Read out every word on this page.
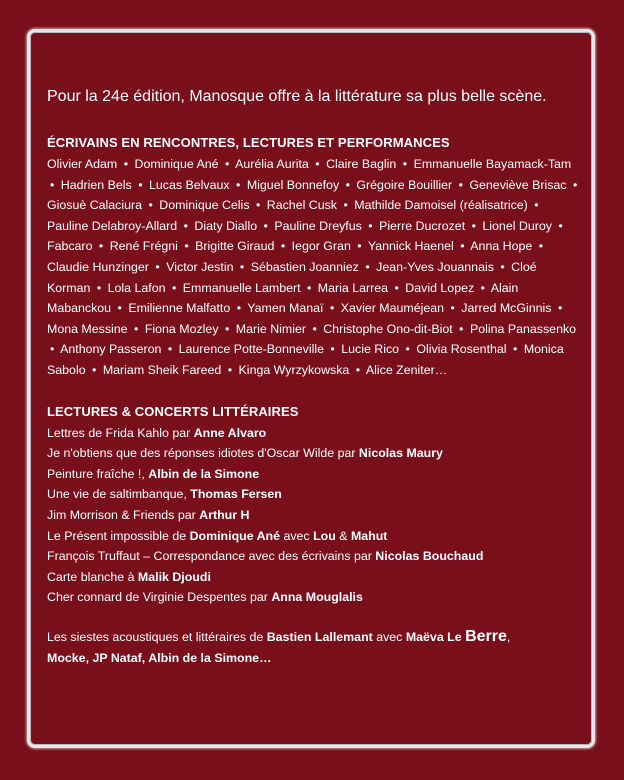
Pour la 24e édition, Manosque offre à la littérature sa plus belle scène.

ÉCRIVAINS EN RENCONTRES, LECTURES ET PERFORMANCES
Olivier Adam • Dominique Ané • Aurélia Aurita • Claire Baglin • Emmanuelle Bayamack-Tam • Hadrien Bels • Lucas Belvaux • Miguel Bonnefoy • Grégoire Bouillier • Geneviève Brisac • Giosuè Calaciura • Dominique Celis • Rachel Cusk • Mathilde Damoisel (réalisatrice) • Pauline Delabroy-Allard • Diaty Diallo • Pauline Dreyfus • Pierre Ducrozet • Lionel Duroy • Fabcaro • René Frégni • Brigitte Giraud • Iegor Gran • Yannick Haenel • Anna Hope • Claudie Hunzinger • Victor Jestin • Sébastien Joanniez • Jean-Yves Jouannais • Cloé Korman • Lola Lafon • Emmanuelle Lambert • Maria Larrea • David Lopez • Alain Mabanckou • Emilienne Malfatto • Yamen Manaï • Xavier Mauméjean • Jarred McGinnis • Mona Messine • Fiona Mozley • Marie Nimier • Christophe Ono-dit-Biot • Polina Panassenko • Anthony Passeron • Laurence Potte-Bonneville • Lucie Rico • Olivia Rosenthal • Monica Sabolo • Mariam Sheik Fareed • Kinga Wyrzykowska • Alice Zeniter…
LECTURES & CONCERTS LITTÉRAIRES
Lettres de Frida Kahlo par Anne Alvaro
Je n'obtiens que des réponses idiotes d'Oscar Wilde par Nicolas Maury
Peinture fraîche !, Albin de la Simone
Une vie de saltimbanque, Thomas Fersen
Jim Morrison & Friends par Arthur H
Le Présent impossible de Dominique Ané avec Lou & Mahut
François Truffaut – Correspondance avec des écrivains par Nicolas Bouchaud
Carte blanche à Malik Djoudi
Cher connard de Virginie Despentes par Anna Mouglalis
Les siestes acoustiques et littéraires de Bastien Lallemant avec Maëva Le Berre,
Mocke, JP Nataf, Albin de la Simone…
